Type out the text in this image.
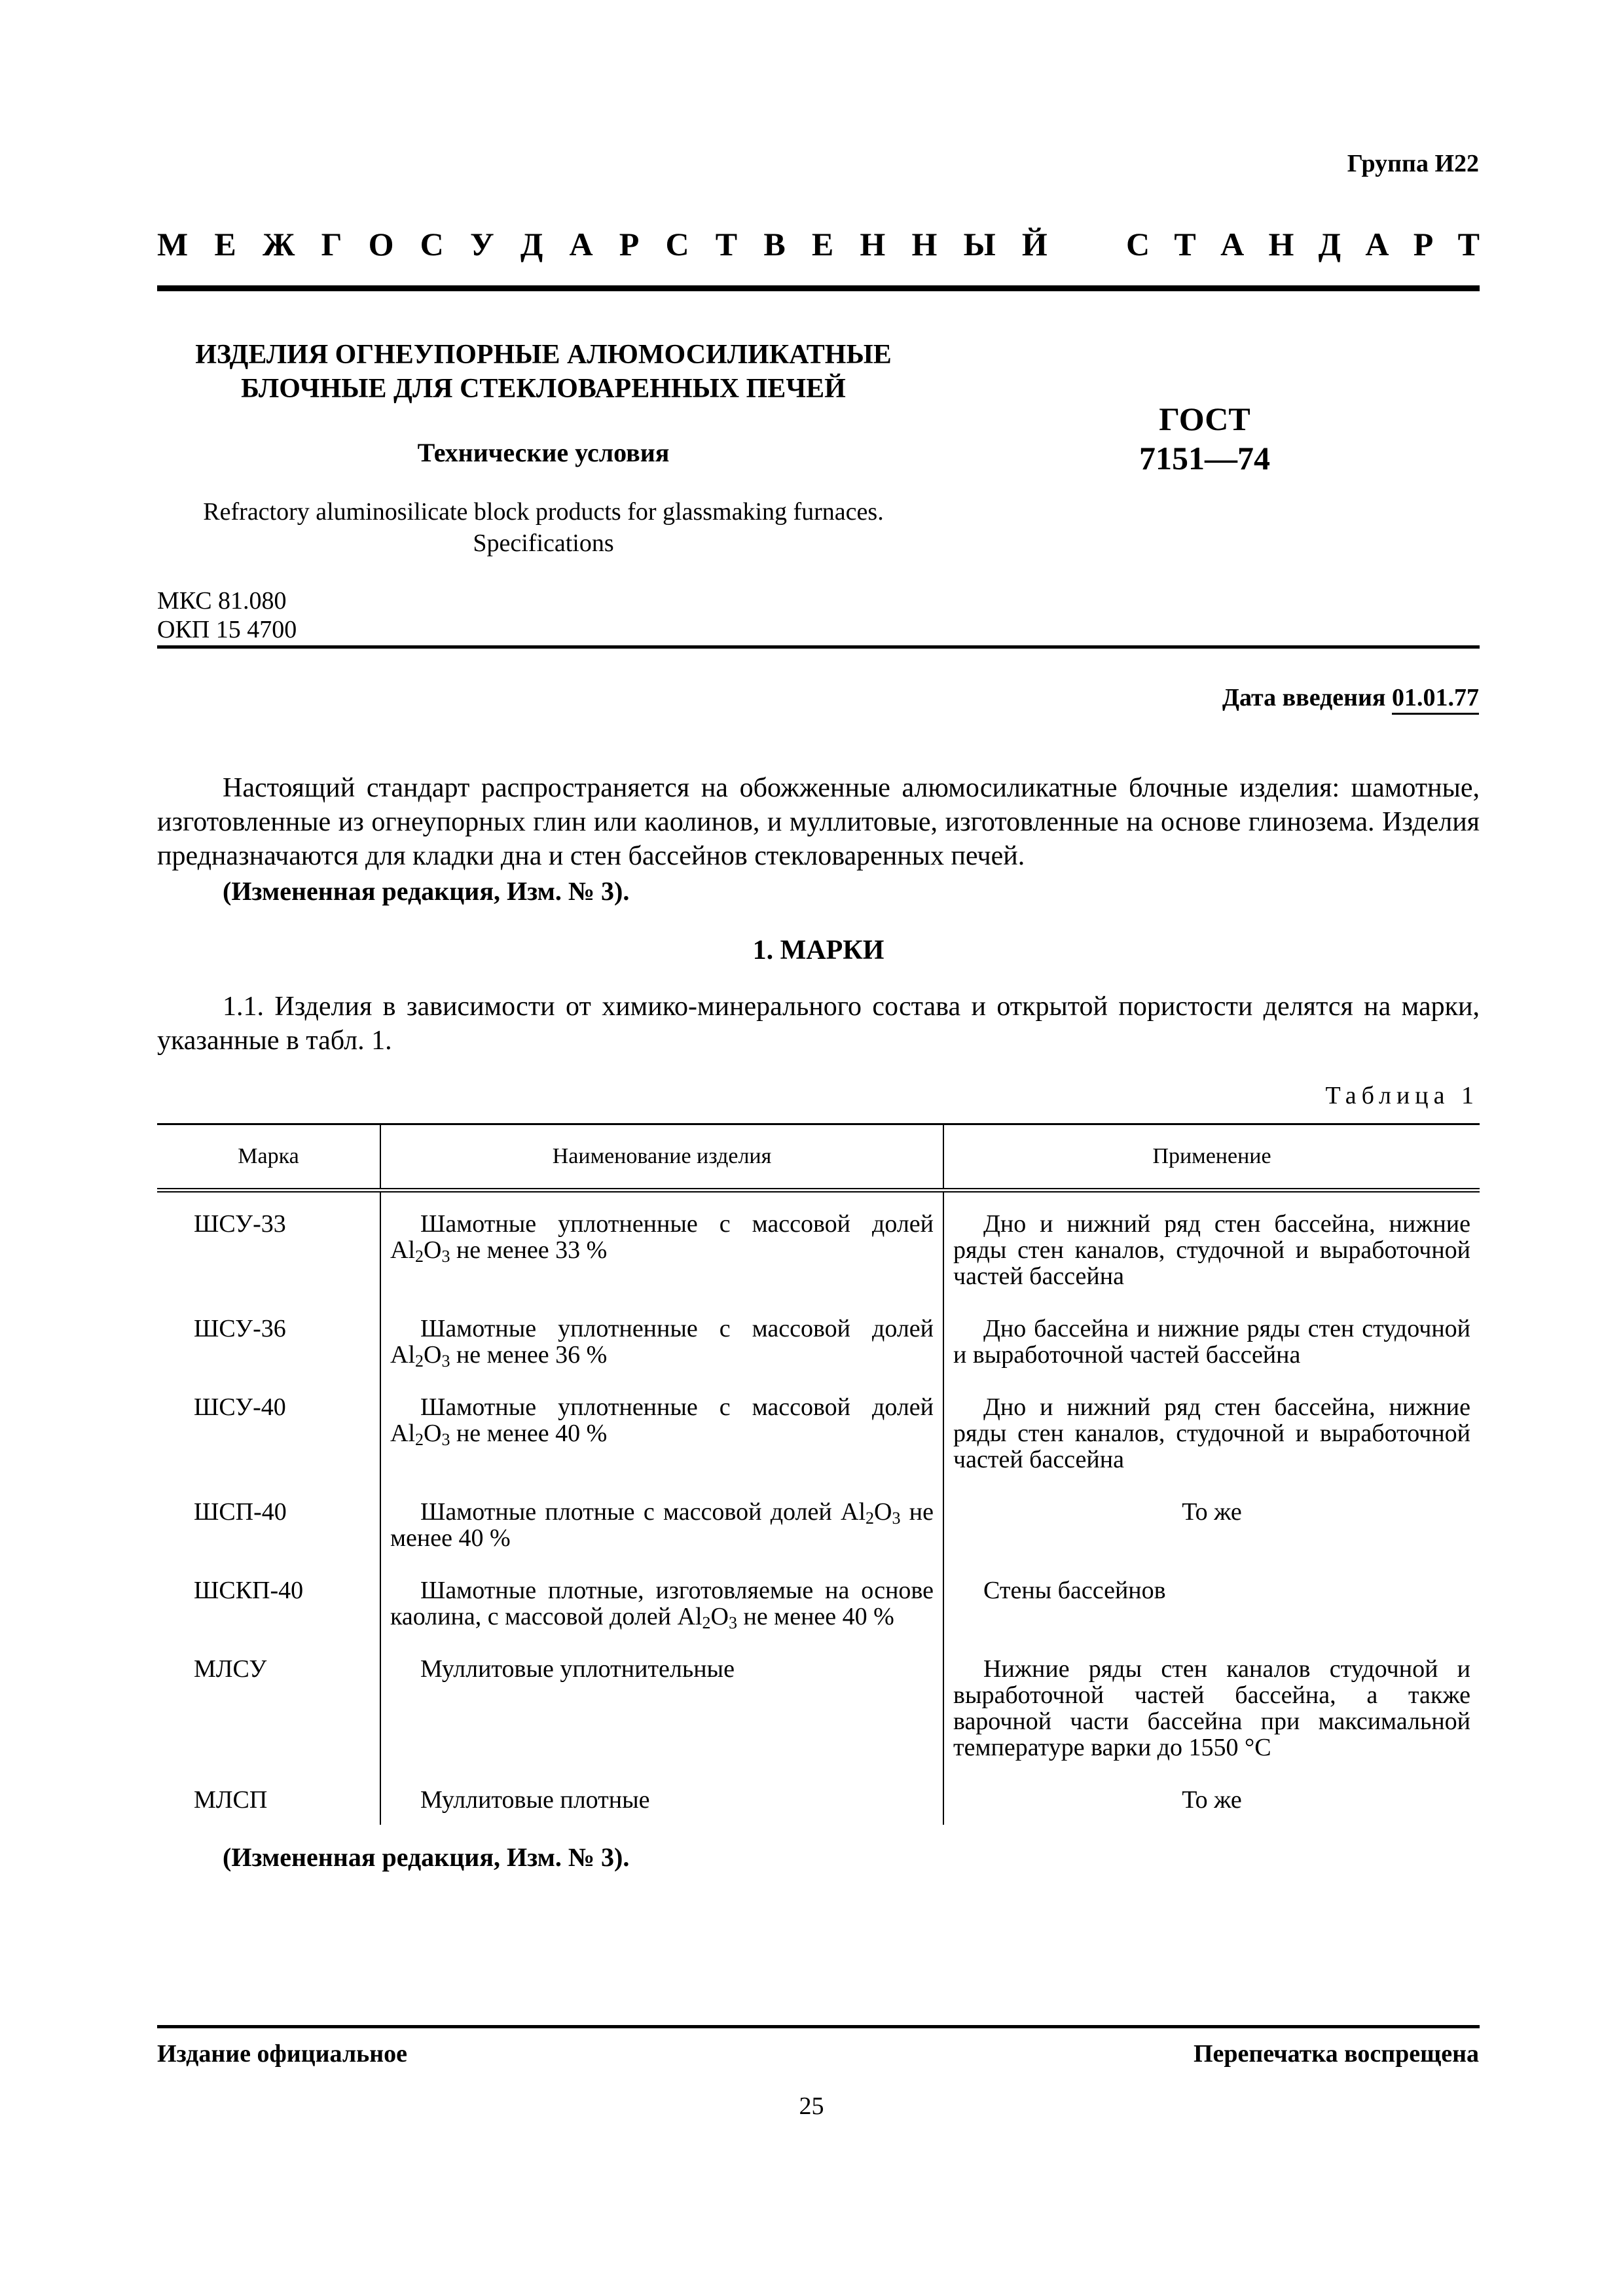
Группа И22
М Е Ж Г О С У Д А Р С Т В Е Н Н Ы Й С Т А Н Д А Р Т
ИЗДЕЛИЯ ОГНЕУПОРНЫЕ АЛЮМОСИЛИКАТНЫЕ
БЛОЧНЫЕ ДЛЯ СТЕКЛОВАРЕННЫХ ПЕЧЕЙ
Технические условия
Refractory aluminosilicate block products for glassmaking furnaces.
Specifications
ГОСТ
7151—74
МКС 81.080
ОКП 15 4700
Дата введения 01.01.77
Настоящий стандарт распространяется на обожженные алюмосиликатные блочные изделия: шамотные, изготовленные из огнеупорных глин или каолинов, и муллитовые, изготовленные на основе глинозема. Изделия предназначаются для кладки дна и стен бассейнов стекловаренных печей.
(Измененная редакция, Изм. № 3).
1. МАРКИ
1.1. Изделия в зависимости от химико-минерального состава и открытой пористости делятся на марки, указанные в табл. 1.
Таблица 1
Марка	Наименование изделия	Применение
ШСУ-33	Шамотные уплотненные с массовой долей $Al_2O_3$ не менее 33 %	Дно и нижний ряд стен бассейна, нижние ряды стен каналов, студочной и выработочной частей бассейна
ШСУ-36	Шамотные уплотненные с массовой долей $Al_2O_3$ не менее 36 %	Дно бассейна и нижние ряды стен студочной и выработочной частей бассейна
ШСУ-40	Шамотные уплотненные с массовой долей $Al_2O_3$ не менее 40 %	Дно и нижний ряд стен бассейна, нижние ряды стен каналов, студочной и выработочной частей бассейна
ШСП-40	Шамотные плотные с массовой долей $Al_2O_3$ не менее 40 %	То же
ШСКП-40	Шамотные плотные, изготовляемые на основе каолина, с массовой долей $Al_2O_3$ не менее 40 %	Стены бассейнов
МЛСУ	Муллитовые уплотнительные	Нижние ряды стен каналов студочной и выработочной частей бассейна, а также варочной части бассейна при максимальной температуре варки до 1550 °С
МЛСП	Муллитовые плотные	То же
(Измененная редакция, Изм. № 3).
Издание официальное	Перепечатка воспрещена
25
